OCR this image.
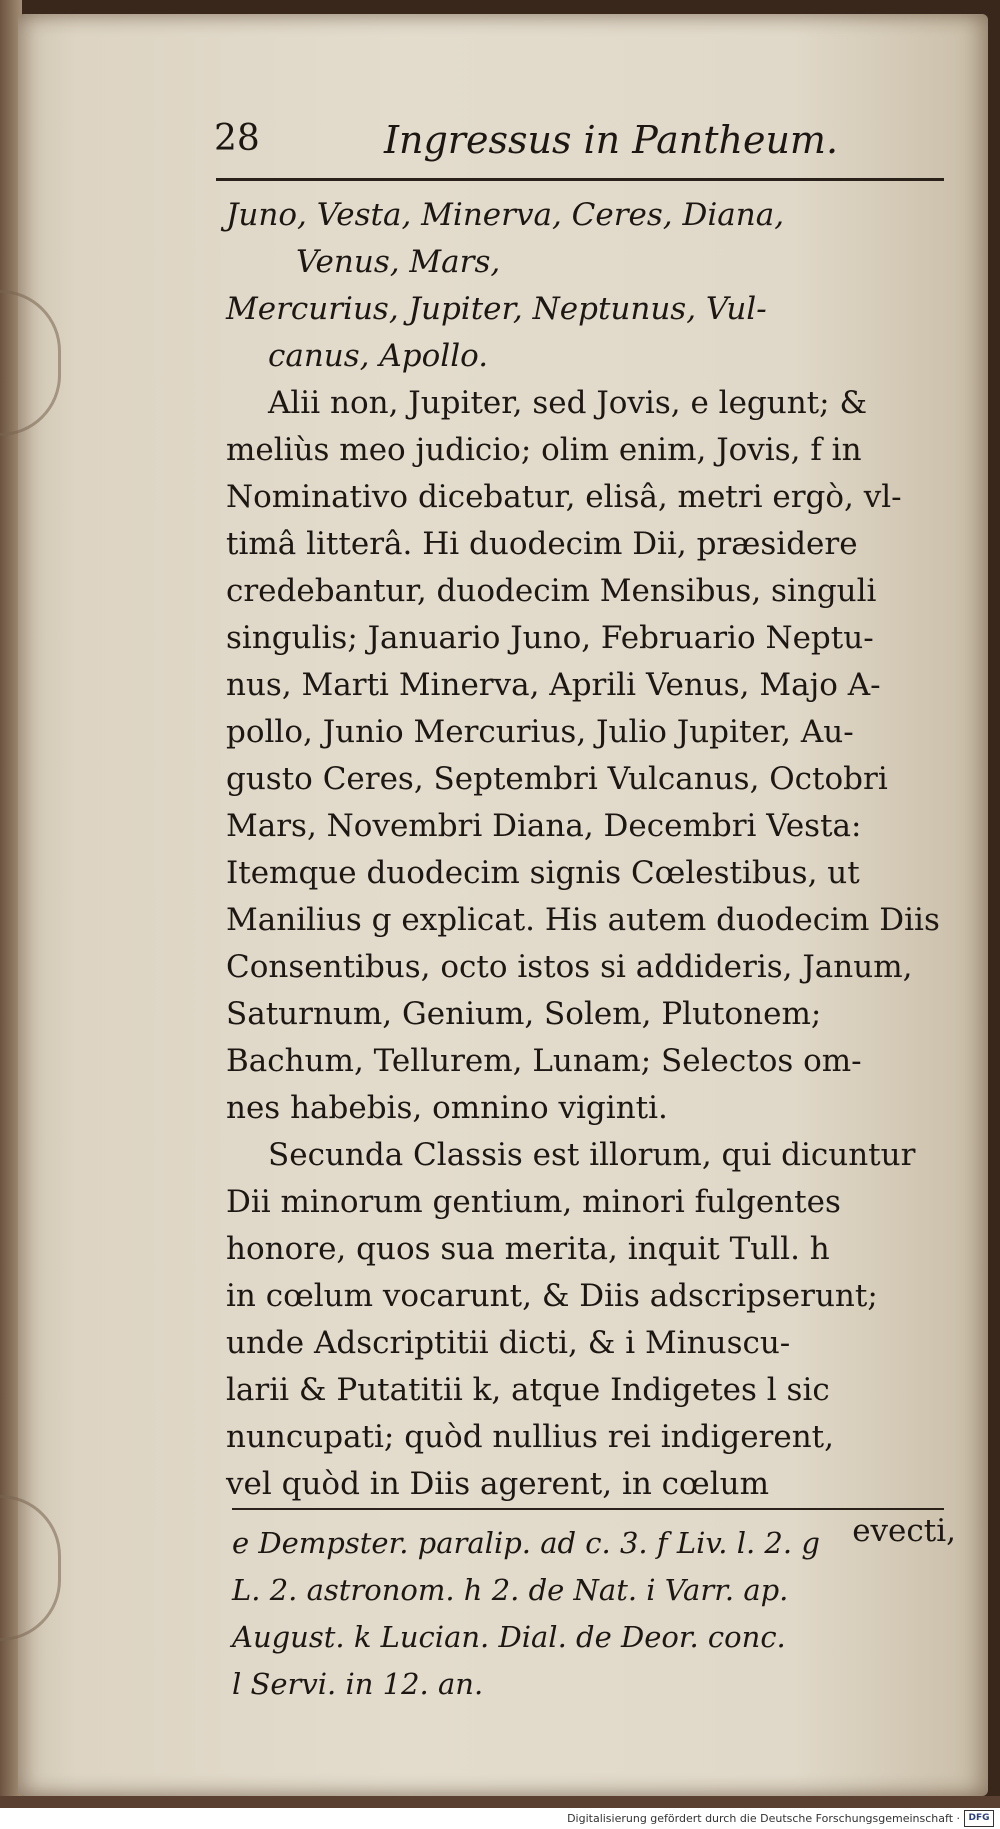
28	Ingressus in Pantheum.
Juno, Vesta, Minerva, Ceres, Diana,
Venus, Mars,
Mercurius, Jupiter, Neptunus, Vul-
canus, Apollo.
Alii non, Jupiter, sed Jovis, e legunt; &
meliùs meo judicio; olim enim, Jovis, f in
Nominativo dicebatur, elisâ, metri ergò, vl-
timâ litterâ. Hi duodecim Dii, præsidere
credebantur, duodecim Mensibus, singuli
singulis; Januario Juno, Februario Neptu-
nus, Marti Minerva, Aprili Venus, Majo A-
pollo, Junio Mercurius, Julio Jupiter, Au-
gusto Ceres, Septembri Vulcanus, Octobri
Mars, Novembri Diana, Decembri Vesta:
Itemque duodecim signis Cœlestibus, ut
Manilius g explicat. His autem duodecim Diis
Consentibus, octo istos si addideris, Janum,
Saturnum, Genium, Solem, Plutonem;
Bachum, Tellurem, Lunam; Selectos om-
nes habebis, omnino viginti.
Secunda Classis est illorum, qui dicuntur
Dii minorum gentium, minori fulgentes
honore, quos sua merita, inquit Tull. h
in cœlum vocarunt, & Diis adscripserunt;
unde Adscriptitii dicti, & i Minuscu-
larii & Putatitii k, atque Indigetes l sic
nuncupati; quòd nullius rei indigerent,
vel quòd in Diis agerent, in cœlum
evecti,
e Dempster. paralip. ad c. 3. f Liv. l. 2. g
L. 2. astronom. h 2. de Nat. i Varr. ap.
August. k Lucian. Dial. de Deor. conc.
l Servi. in 12. an.
Digitalisierung gefördert durch die Deutsche Forschungsgemeinschaft · DFG
